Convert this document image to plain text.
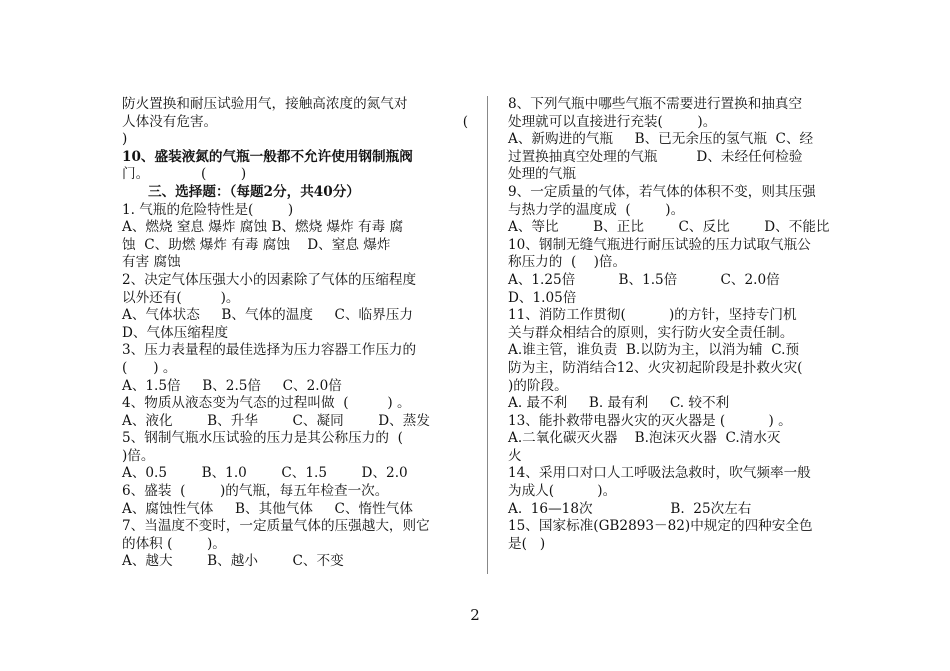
防火置换和耐压试验用气，接触高浓度的氮气对

人体没有危害。	(

)

10、盛装液氮的气瓶一般都不允许使用钢制瓶阀

门。            (        )

三、选择题：（每题2分，共40分）

1. 气瓶的危险特性是(        )

A、燃烧 窒息 爆炸 腐蚀 B、燃烧 爆炸 有毒 腐

蚀  C、助燃 爆炸 有毒 腐蚀    D、窒息 爆炸

有害 腐蚀

2、决定气体压强大小的因素除了气体的压缩程度

以外还有(         )。

A、气体状态     B、气体的温度     C、临界压力

D、气体压缩程度

3、压力表量程的最佳选择为压力容器工作压力的

(      ) 。

A、1.5倍     B、2.5倍     C、2.0倍

4、物质从液态变为气态的过程叫做  (         ) 。

A、液化        B、升华        C、凝同        D、蒸发

5、钢制气瓶水压试验的压力是其公称压力的  (

)倍。

A、0.5        B、1.0        C、1.5        D、2.0

6、盛装  (        )的气瓶，每五年检查一次。

A、腐蚀性气体     B、其他气体     C、惰性气体

7、当温度不变时，一定质量气体的压强越大，则它

的体积 (        )。

A、越大        B、越小        C、不变

8、下列气瓶中哪些气瓶不需要进行置换和抽真空

处理就可以直接进行充装(        )。

A、新购进的气瓶     B、已无余压的氢气瓶  C、经

过置换抽真空处理的气瓶         D、未经任何检验

处理的气瓶

9、一定质量的气体，若气体的体积不变，则其压强

与热力学的温度成  (        )。

A、等比        B、正比        C、反比        D、不能比

10、钢制无缝气瓶进行耐压试验的压力试取气瓶公

称压力的  (    )倍。

A、1.25倍          B、1.5倍          C、2.0倍

D、1.05倍

11、消防工作贯彻(          )的方针，坚持专门机

关与群众相结合的原则，实行防火安全责任制。

A.谁主管，谁负责  B.以防为主，以消为辅  C.预

防为主，防消结合12、火灾初起阶段是扑救火灾(

)的阶段。

A. 最不利     B. 最有利     C. 较不利

13、能扑救带电器火灾的灭火器是 (          ) 。

A.二氧化碳灭火器    B.泡沫灭火器  C.清水灭

火

14、采用口对口人工呼吸法急救时，吹气频率一般

为成人(          )。

A.  16—18次                  B.  25次左右

15、国家标准(GB2893－82)中规定的四种安全色

是(   )

2
